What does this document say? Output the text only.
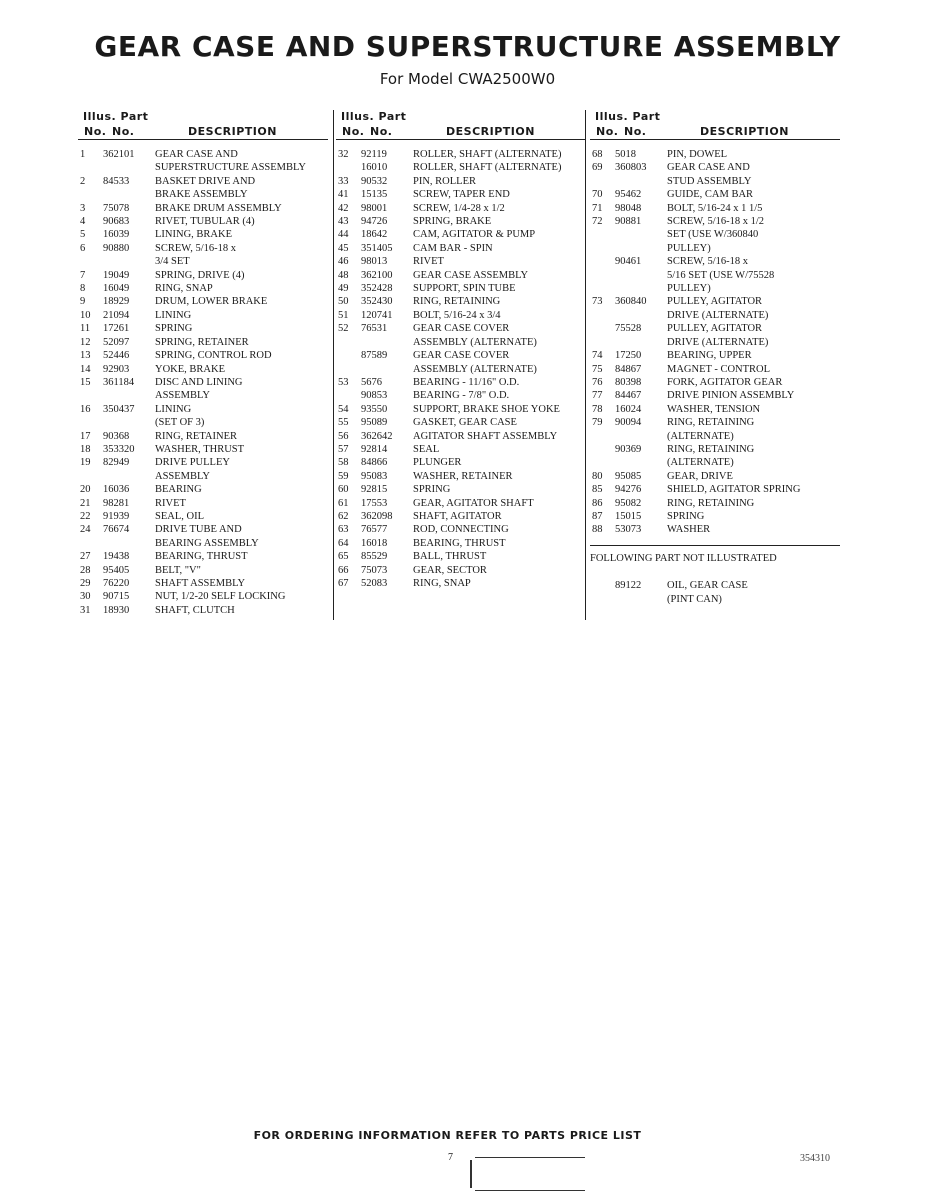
GEAR CASE AND SUPERSTRUCTURE ASSEMBLY
For Model CWA2500W0
Illus. Part
No. No.	DESCRIPTION
1 362101 GEAR CASE AND
SUPERSTRUCTURE ASSEMBLY
2 84533 BASKET DRIVE AND
BRAKE ASSEMBLY
3 75078 BRAKE DRUM ASSEMBLY
4 90683 RIVET, TUBULAR (4)
5 16039 LINING, BRAKE
6 90880 SCREW, 5/16-18 x
3/4 SET
7 19049 SPRING, DRIVE (4)
8 16049 RING, SNAP
9 18929 DRUM, LOWER BRAKE
10 21094 LINING
11 17261 SPRING
12 52097 SPRING, RETAINER
13 52446 SPRING, CONTROL ROD
14 92903 YOKE, BRAKE
15 361184 DISC AND LINING
ASSEMBLY
16 350437 LINING
(SET OF 3)
17 90368 RING, RETAINER
18 353320 WASHER, THRUST
19 82949 DRIVE PULLEY
ASSEMBLY
20 16036 BEARING
21 98281 RIVET
22 91939 SEAL, OIL
24 76674 DRIVE TUBE AND
BEARING ASSEMBLY
27 19438 BEARING, THRUST
28 95405 BELT, "V"
29 76220 SHAFT ASSEMBLY
30 90715 NUT, 1/2-20 SELF LOCKING
31 18930 SHAFT, CLUTCH
Illus. Part
No. No.	DESCRIPTION
32 92119 ROLLER, SHAFT (ALTERNATE)
16010 ROLLER, SHAFT (ALTERNATE)
33 90532 PIN, ROLLER
41 15135 SCREW, TAPER END
42 98001 SCREW, 1/4-28 x 1/2
43 94726 SPRING, BRAKE
44 18642 CAM, AGITATOR & PUMP
45 351405 CAM BAR - SPIN
46 98013 RIVET
48 362100 GEAR CASE ASSEMBLY
49 352428 SUPPORT, SPIN TUBE
50 352430 RING, RETAINING
51 120741 BOLT, 5/16-24 x 3/4
52 76531 GEAR CASE COVER
ASSEMBLY (ALTERNATE)
87589 GEAR CASE COVER
ASSEMBLY (ALTERNATE)
53 5676	BEARING - 11/16" O.D.
90853 BEARING - 7/8" O.D.
54 93550 SUPPORT, BRAKE SHOE YOKE
55 95089 GASKET, GEAR CASE
56 362642 AGITATOR SHAFT ASSEMBLY
57 92814 SEAL
58 84866 PLUNGER
59 95083 WASHER, RETAINER
60 92815 SPRING
61 17553 GEAR, AGITATOR SHAFT
62 362098 SHAFT, AGITATOR
63 76577 ROD, CONNECTING
64 16018 BEARING, THRUST
65 85529 BALL, THRUST
66 75073 GEAR, SECTOR
67 52083 RING, SNAP
Illus. Part
No. No.	DESCRIPTION
68 5018	PIN, DOWEL
69 360803 GEAR CASE AND
STUD ASSEMBLY
70 95462 GUIDE, CAM BAR
71 98048 BOLT, 5/16-24 x 1 1/5
72 90881 SCREW, 5/16-18 x 1/2
SET (USE W/360840
PULLEY)
90461 SCREW, 5/16-18 x
5/16 SET (USE W/75528
PULLEY)
73 360840 PULLEY, AGITATOR
DRIVE (ALTERNATE)
75528 PULLEY, AGITATOR
DRIVE (ALTERNATE)
74 17250 BEARING, UPPER
75 84867 MAGNET - CONTROL
76 80398 FORK, AGITATOR GEAR
77 84467 DRIVE PINION ASSEMBLY
78 16024 WASHER, TENSION
79 90094 RING, RETAINING
(ALTERNATE)
90369 RING, RETAINING
(ALTERNATE)
80 95085 GEAR, DRIVE
85 94276 SHIELD, AGITATOR SPRING
86 95082 RING, RETAINING
87 15015 SPRING
88 53073 WASHER
FOLLOWING PART NOT ILLUSTRATED
89122 OIL, GEAR CASE
(PINT CAN)
FOR ORDERING INFORMATION REFER TO PARTS PRICE LIST
7	354310
